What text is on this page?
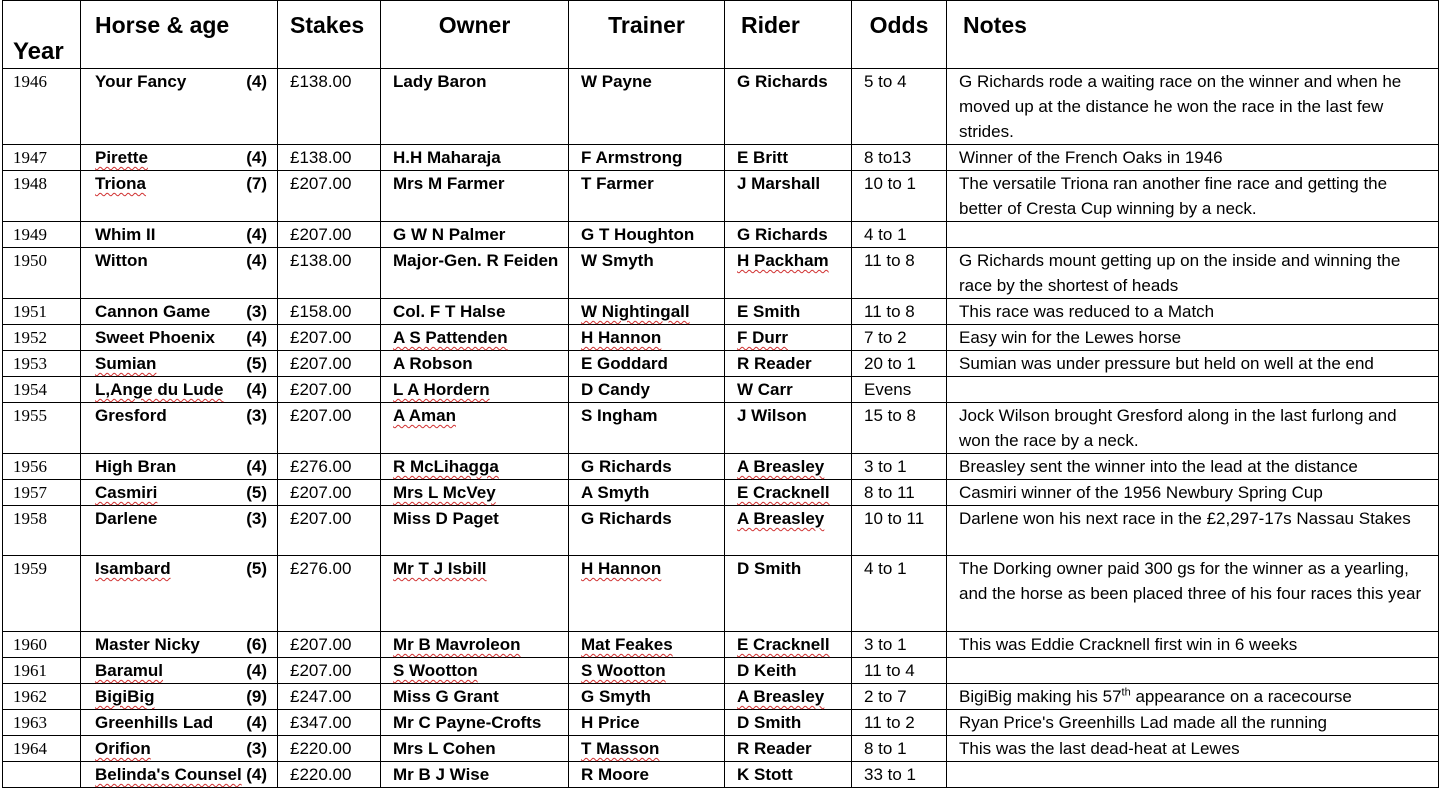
Year	Horse & age	Stakes	Owner	Trainer	Rider	Odds	Notes
1946	Your Fancy (4)	£138.00	Lady Baron	W Payne	G Richards	5 to 4	G Richards rode a waiting race on the winner and when he moved up at the distance he won the race in the last few strides.
1947	Pirette (4)	£138.00	H.H Maharaja	F Armstrong	E Britt	8 to13	Winner of the French Oaks in 1946
1948	Triona (7)	£207.00	Mrs M Farmer	T Farmer	J Marshall	10 to 1	The versatile Triona ran another fine race and getting the better of Cresta Cup winning by a neck.
1949	Whim II (4)	£207.00	G W N Palmer	G T Houghton	G Richards	4 to 1	
1950	Witton (4)	£138.00	Major-Gen. R Feiden	W Smyth	H Packham	11 to 8	G Richards mount getting up on the inside and winning the race by the shortest of heads
1951	Cannon Game (3)	£158.00	Col. F T Halse	W Nightingall	E Smith	11 to 8	This race was reduced to a Match
1952	Sweet Phoenix (4)	£207.00	A S Pattenden	H Hannon	F Durr	7 to 2	Easy win for the Lewes horse
1953	Sumian (5)	£207.00	A Robson	E Goddard	R Reader	20 to 1	Sumian was under pressure but held on well at the end
1954	L,Ange du Lude (4)	£207.00	L A Hordern	D Candy	W Carr	Evens	
1955	Gresford (3)	£207.00	A Aman	S Ingham	J Wilson	15 to 8	Jock Wilson brought Gresford along in the last furlong and won the race by a neck.
1956	High Bran (4)	£276.00	R McLihagga	G Richards	A Breasley	3 to 1	Breasley sent the winner into the lead at the distance
1957	Casmiri (5)	£207.00	Mrs L McVey	A Smyth	E Cracknell	8 to 11	Casmiri winner of the 1956 Newbury Spring Cup
1958	Darlene (3)	£207.00	Miss D Paget	G Richards	A Breasley	10 to 11	Darlene won his next race in the £2,297-17s Nassau Stakes
1959	Isambard (5)	£276.00	Mr T J Isbill	H Hannon	D Smith	4 to 1	The Dorking owner paid 300 gs for the winner as a yearling, and the horse as been placed three of his four races this year
1960	Master Nicky (6)	£207.00	Mr B Mavroleon	Mat Feakes	E Cracknell	3 to 1	This was Eddie Cracknell first win in 6 weeks
1961	Baramul (4)	£207.00	S Wootton	S Wootton	D Keith	11 to 4	
1962	BigiBig (9)	£247.00	Miss G Grant	G Smyth	A Breasley	2 to 7	BigiBig making his 57th appearance on a racecourse
1963	Greenhills Lad (4)	£347.00	Mr C Payne-Crofts	H Price	D Smith	11 to 2	Ryan Price's Greenhills Lad made all the running
1964	Orifion (3)	£220.00	Mrs L Cohen	T Masson	R Reader	8 to 1	This was the last dead-heat at Lewes
	Belinda's Counsel (4)	£220.00	Mr B J Wise	R Moore	K Stott	33 to 1	
